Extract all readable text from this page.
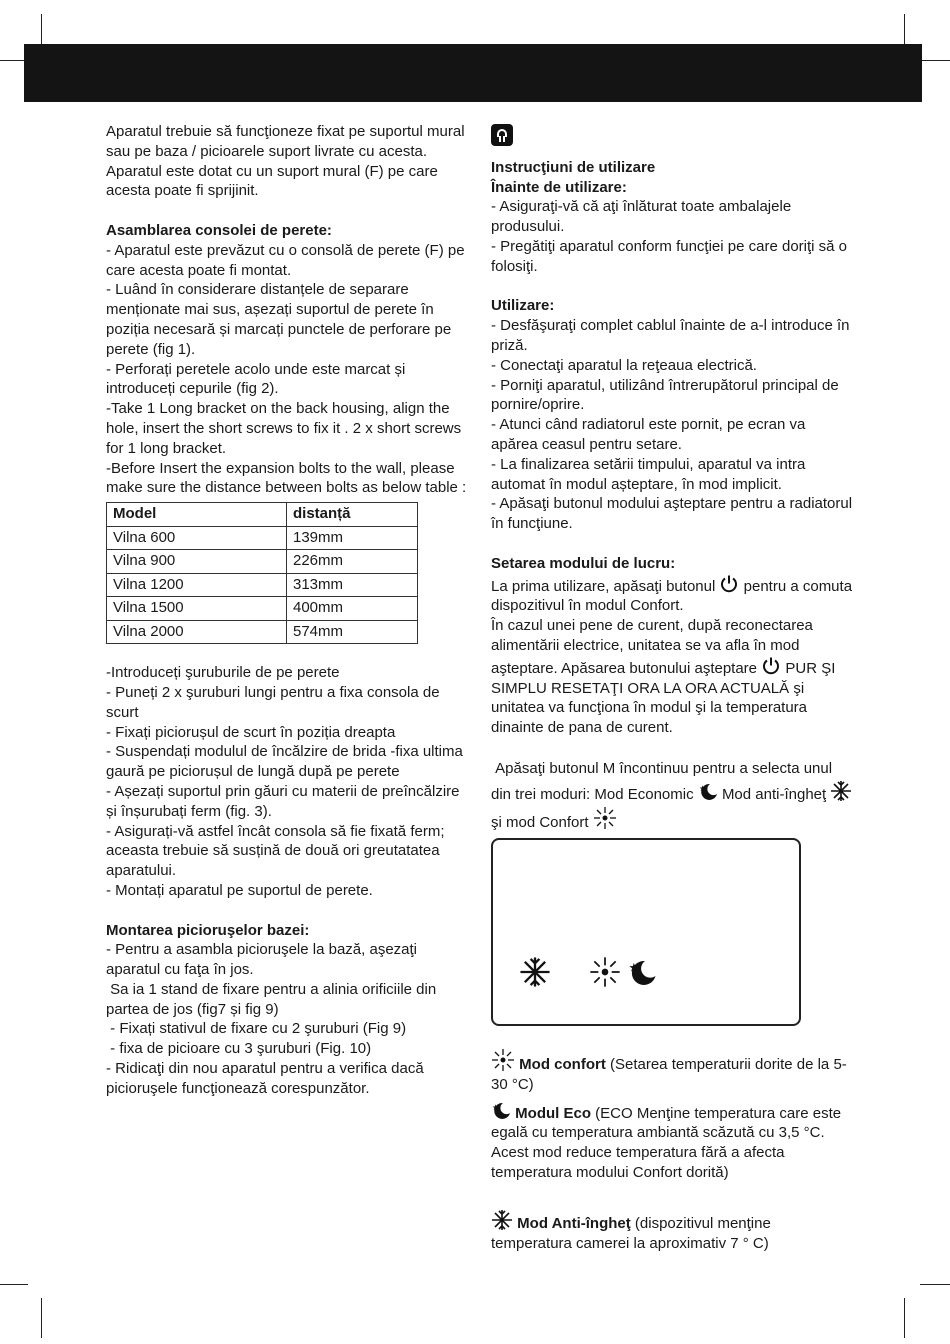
Aparatul trebuie să funcţioneze fixat pe suportul mural sau pe baza / picioarele suport livrate cu acesta.

Aparatul este dotat cu un suport mural (F) pe care acesta poate fi sprijinit.

Asamblarea consolei de perete:

- Aparatul este prevăzut cu o consolă de perete (F) pe care acesta poate fi montat.

- Luând în considerare distanțele de separare menționate mai sus, așezați suportul de perete în poziția necesară și marcați punctele de perforare pe perete (fig 1).

- Perforați peretele acolo unde este marcat și introduceți cepurile (fig 2).

-Take 1 Long bracket on the back housing, align the hole, insert the short screws to fix it . 2 x short screws for 1 long bracket.

-Before Insert the expansion bolts to the wall, please make sure the distance between bolts as below table :

Model	distanță
Vilna 600	139mm
Vilna 900	226mm
Vilna 1200	313mm
Vilna 1500	400mm
Vilna 2000	574mm

-Introduceți şuruburile de pe perete

- Puneți 2 x şuruburi lungi pentru a fixa consola de scurt

- Fixați piciorușul de scurt în poziția dreapta

- Suspendați modulul de încălzire de brida -fixa ultima gaură pe piciorușul de lungă după pe perete

- Așezați suportul prin găuri cu materii de preîncălzire și înșurubați ferm (fig. 3).

- Asigurați-vă astfel încât consola să fie fixată ferm; aceasta trebuie să susțină de două ori greutatatea aparatului.

- Montați aparatul pe suportul de perete.

Montarea picioruşelor bazei:

- Pentru a asambla picioruşele la bază, aşezaţi aparatul cu faţa în jos.

Sa ia 1 stand de fixare pentru a alinia orificiile din partea de jos (fig7 și fig 9)

- Fixați stativul de fixare cu 2 şuruburi (Fig 9)

- fixa de picioare cu 3 şuruburi (Fig. 10)

- Ridicaţi din nou aparatul pentru a verifica dacă picioruşele funcţionează corespunzător.

Instrucţiuni de utilizare

Înainte de utilizare:

- Asiguraţi-vă că aţi înlăturat toate ambalajele produsului.

- Pregătiţi aparatul conform funcţiei pe care doriţi să o folosiţi.

Utilizare:

- Desfăşuraţi complet cablul înainte de a-l introduce în priză.

- Conectaţi aparatul la reţeaua electrică.

- Porniţi aparatul, utilizând întrerupătorul principal de pornire/oprire.

- Atunci când radiatorul este pornit, pe ecran va apărea ceasul pentru setare.

- La finalizarea setării timpului, aparatul va intra automat în modul așteptare, în mod implicit.

- Apăsaţi butonul modului aşteptare pentru a radiatorul în funcţiune.

Setarea modului de lucru:

La prima utilizare, apăsaţi butonul pentru a comuta dispozitivul în modul Confort.

În cazul unei pene de curent, după reconectarea alimentării electrice, unitatea se va afla în mod aşteptare. Apăsarea butonului aşteptare PUR ŞI SIMPLU RESETAŢI ORA LA ORA ACTUALĂ şi unitatea va funcţiona în modul şi la temperatura dinainte de pana de curent.

Apăsaţi butonul M încontinuu pentru a selecta unul din trei moduri: Mod Economic ★ Mod anti-îngheţ  şi mod Confort

★

Mod confort (Setarea temperaturii dorite de la 5-30 °C)

★ Modul Eco (ECO Menţine temperatura care este egală cu temperatura ambiantă scăzută cu 3,5 °C. Acest mod reduce temperatura fără a afecta temperatura modului Confort dorită)

Mod Anti-îngheţ (dispozitivul menţine temperatura camerei la aproximativ 7 ° C)
